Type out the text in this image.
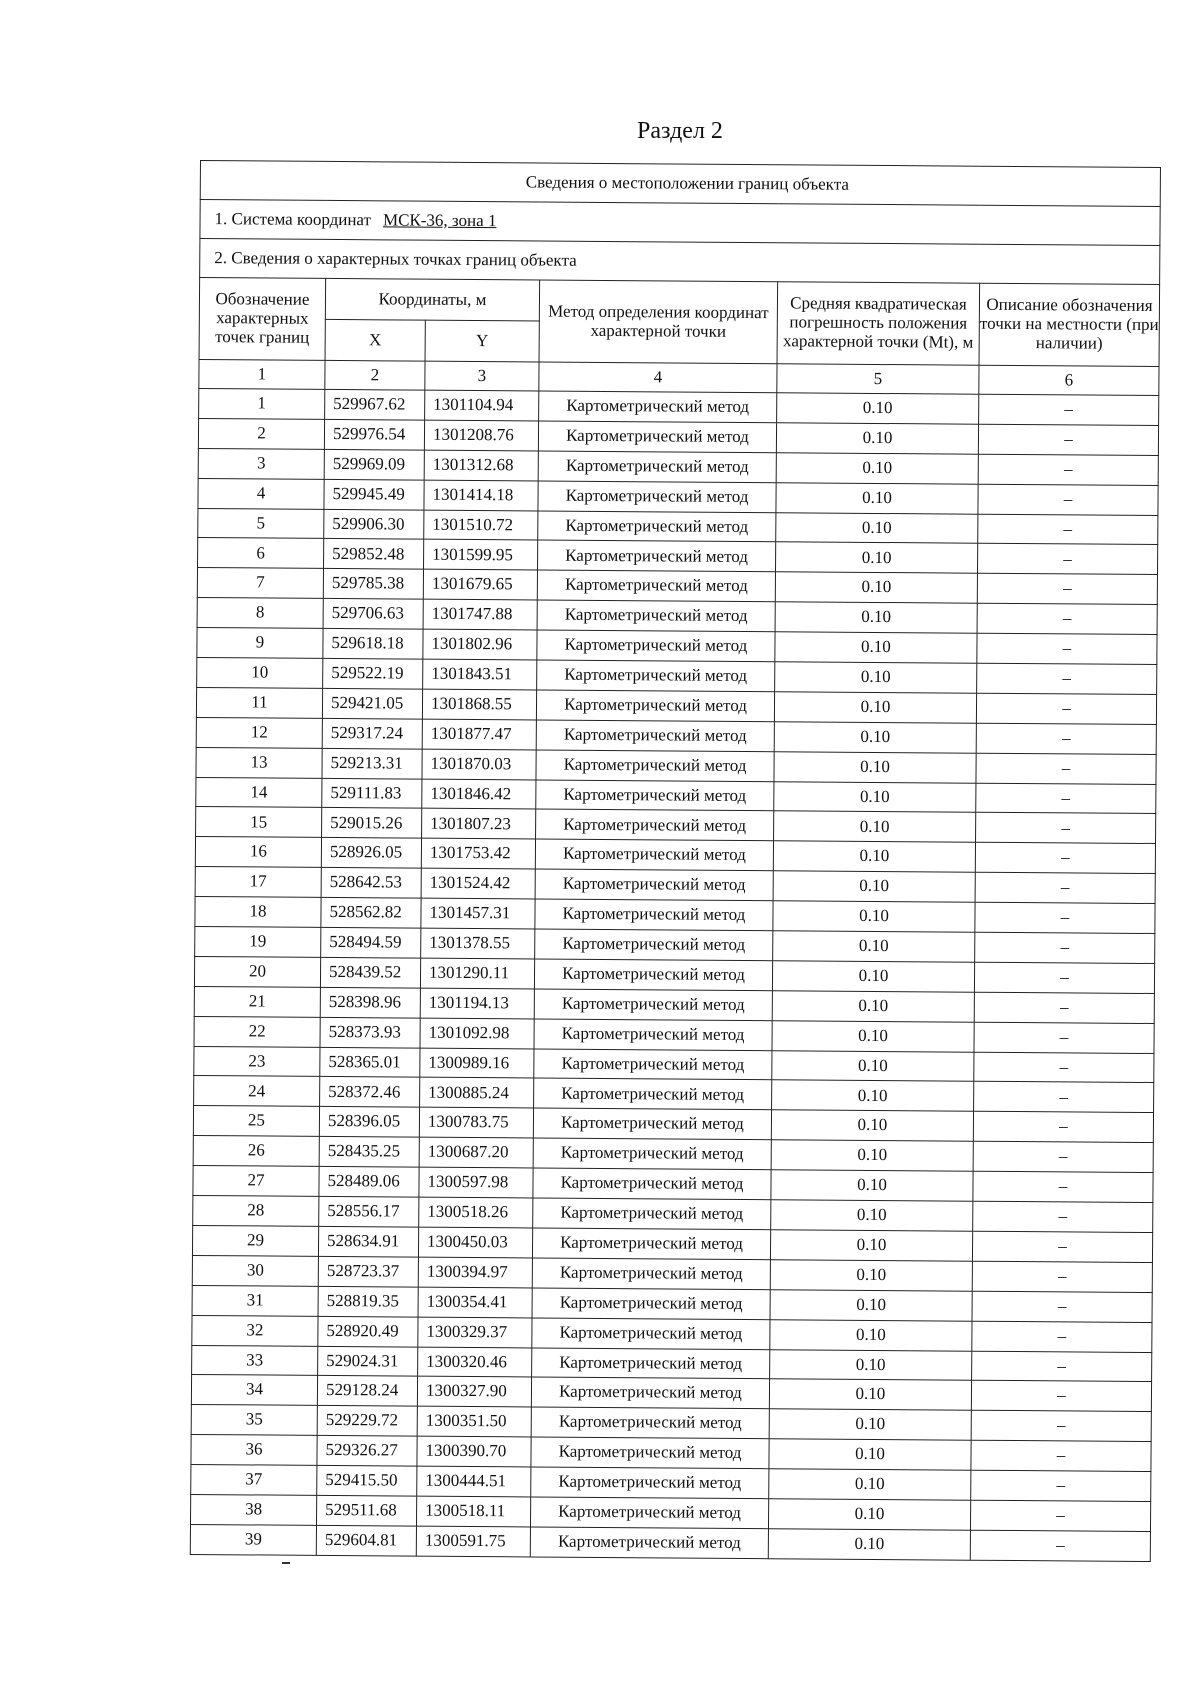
Раздел 2
Сведения о местоположении границ объекта					
1. Система координат МСК-36, зона 1					
2. Сведения о характерных точках границ объекта					
Обозначение характерных точек границ	Координаты, м		Метод определения координат характерной точки	Средняя квадратическая погрешность положения характерной точки (Mt), м	Описание обозначения точки на местности (при наличии)
	X	Y			
1	2	3	4	5	6
1	529967.62	1301104.94	Картометрический метод	0.10	–
2	529976.54	1301208.76	Картометрический метод	0.10	–
3	529969.09	1301312.68	Картометрический метод	0.10	–
4	529945.49	1301414.18	Картометрический метод	0.10	–
5	529906.30	1301510.72	Картометрический метод	0.10	–
6	529852.48	1301599.95	Картометрический метод	0.10	–
7	529785.38	1301679.65	Картометрический метод	0.10	–
8	529706.63	1301747.88	Картометрический метод	0.10	–
9	529618.18	1301802.96	Картометрический метод	0.10	–
10	529522.19	1301843.51	Картометрический метод	0.10	–
11	529421.05	1301868.55	Картометрический метод	0.10	–
12	529317.24	1301877.47	Картометрический метод	0.10	–
13	529213.31	1301870.03	Картометрический метод	0.10	–
14	529111.83	1301846.42	Картометрический метод	0.10	–
15	529015.26	1301807.23	Картометрический метод	0.10	–
16	528926.05	1301753.42	Картометрический метод	0.10	–
17	528642.53	1301524.42	Картометрический метод	0.10	–
18	528562.82	1301457.31	Картометрический метод	0.10	–
19	528494.59	1301378.55	Картометрический метод	0.10	–
20	528439.52	1301290.11	Картометрический метод	0.10	–
21	528398.96	1301194.13	Картометрический метод	0.10	–
22	528373.93	1301092.98	Картометрический метод	0.10	–
23	528365.01	1300989.16	Картометрический метод	0.10	–
24	528372.46	1300885.24	Картометрический метод	0.10	–
25	528396.05	1300783.75	Картометрический метод	0.10	–
26	528435.25	1300687.20	Картометрический метод	0.10	–
27	528489.06	1300597.98	Картометрический метод	0.10	–
28	528556.17	1300518.26	Картометрический метод	0.10	–
29	528634.91	1300450.03	Картометрический метод	0.10	–
30	528723.37	1300394.97	Картометрический метод	0.10	–
31	528819.35	1300354.41	Картометрический метод	0.10	–
32	528920.49	1300329.37	Картометрический метод	0.10	–
33	529024.31	1300320.46	Картометрический метод	0.10	–
34	529128.24	1300327.90	Картометрический метод	0.10	–
35	529229.72	1300351.50	Картометрический метод	0.10	–
36	529326.27	1300390.70	Картометрический метод	0.10	–
37	529415.50	1300444.51	Картометрический метод	0.10	–
38	529511.68	1300518.11	Картометрический метод	0.10	–
39	529604.81	1300591.75	Картометрический метод	0.10	–
